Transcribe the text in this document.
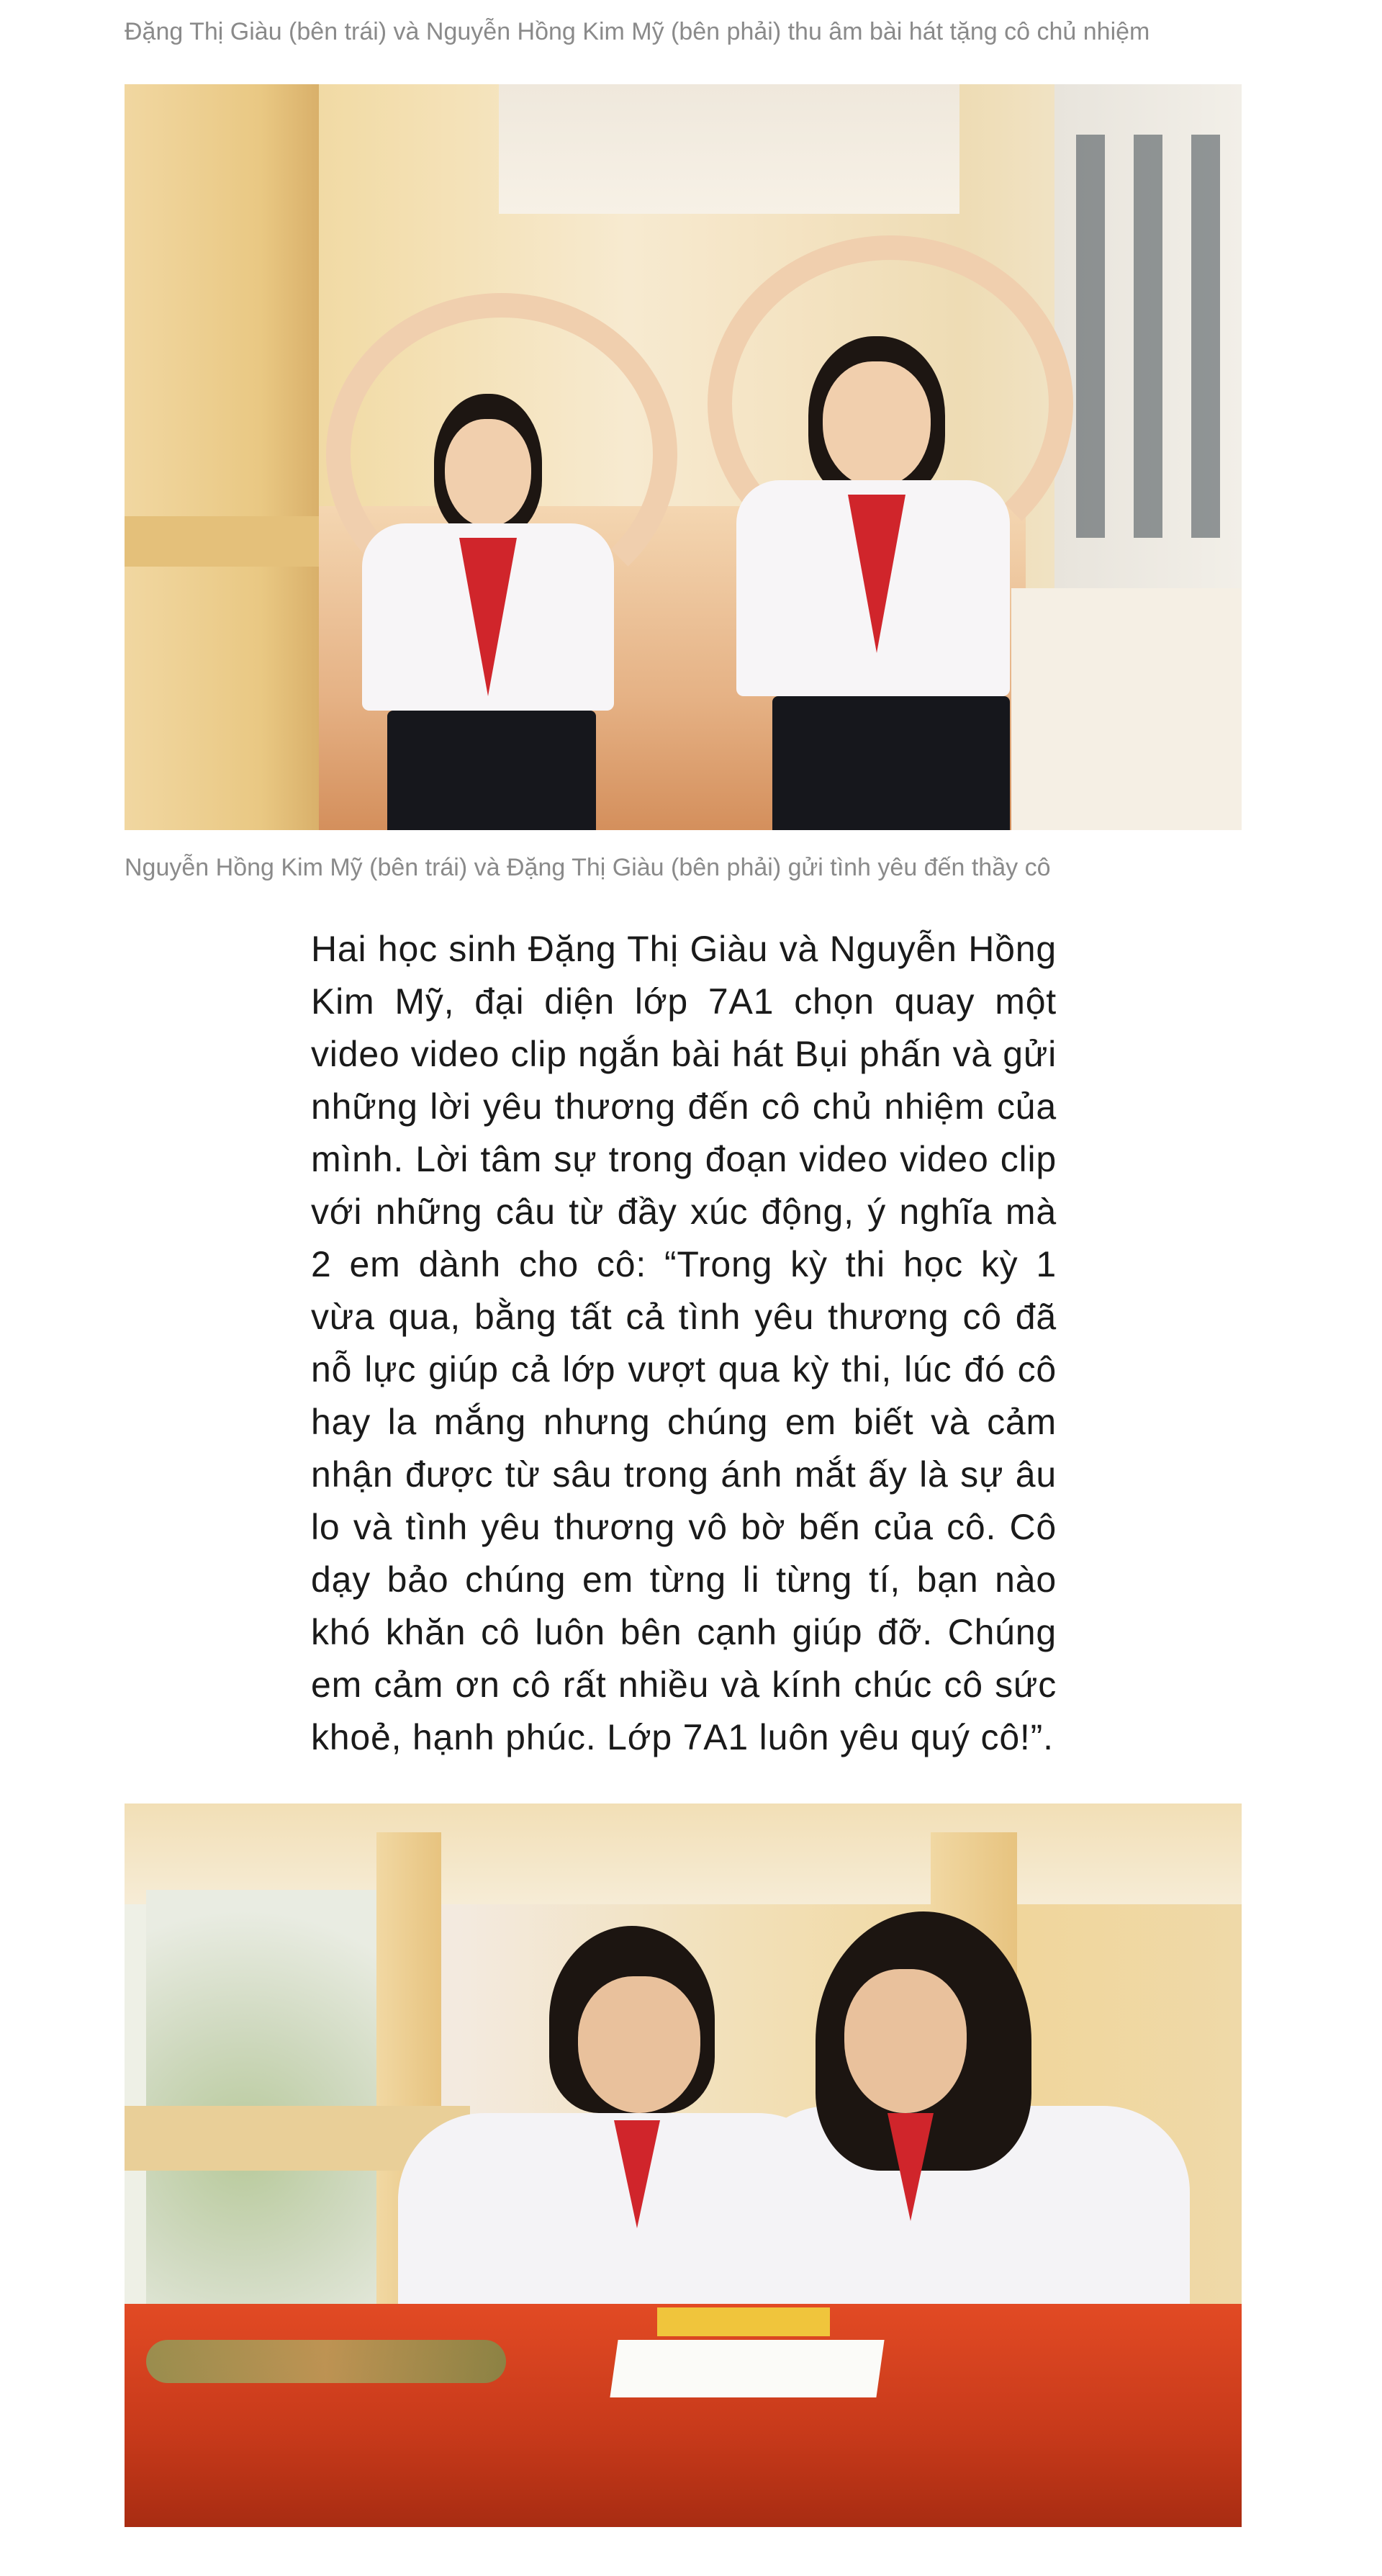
Đặng Thị Giàu (bên trái) và Nguyễn Hồng Kim Mỹ (bên phải) thu âm bài hát tặng cô chủ nhiệm

Nguyễn Hồng Kim Mỹ (bên trái) và Đặng Thị Giàu (bên phải) gửi tình yêu đến thầy cô

Hai học sinh Đặng Thị Giàu và Nguyễn Hồng Kim Mỹ, đại diện lớp 7A1 chọn quay một video video clip ngắn bài hát Bụi phấn và gửi những lời yêu thương đến cô chủ nhiệm của mình. Lời tâm sự trong đoạn video video clip với những câu từ đầy xúc động, ý nghĩa mà 2 em dành cho cô: “Trong kỳ thi học kỳ 1 vừa qua, bằng tất cả tình yêu thương cô đã nỗ lực giúp cả lớp vượt qua kỳ thi, lúc đó cô hay la mắng nhưng chúng em biết và cảm nhận được từ sâu trong ánh mắt ấy là sự âu lo và tình yêu thương vô bờ bến của cô. Cô dạy bảo chúng em từng li từng tí, bạn nào khó khăn cô luôn bên cạnh giúp đỡ. Chúng em cảm ơn cô rất nhiều và kính chúc cô sức khoẻ, hạnh phúc. Lớp 7A1 luôn yêu quý cô!”.
